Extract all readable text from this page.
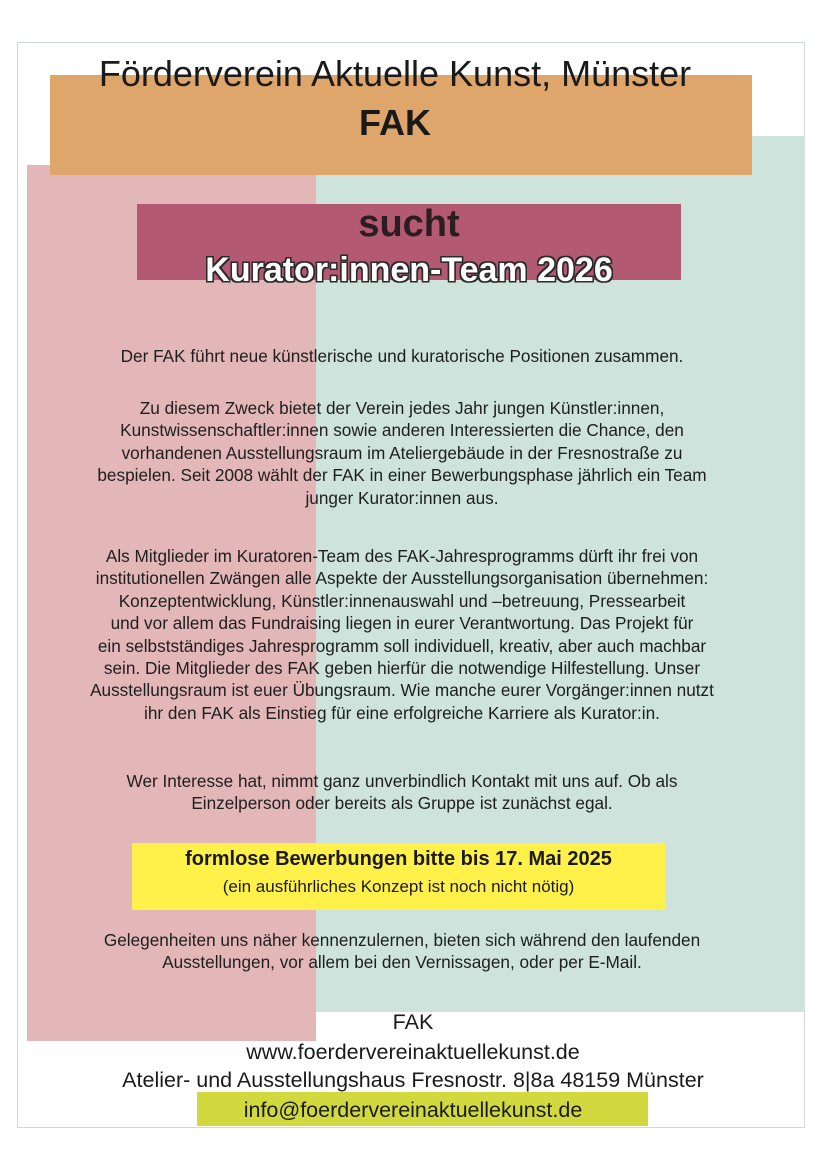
Förderverein Aktuelle Kunst, Münster
FAK
sucht
Kurator:innen-Team 2026
Der FAK führt neue künstlerische und kuratorische Positionen zusammen.
Zu diesem Zweck bietet der Verein jedes Jahr jungen Künstler:innen,
Kunstwissenschaftler:innen sowie anderen Interessierten die Chance, den
vorhandenen Ausstellungsraum im Ateliergebäude in der Fresnostraße zu
bespielen. Seit 2008 wählt der FAK in einer Bewerbungsphase jährlich ein Team
junger Kurator:innen aus.
Als Mitglieder im Kuratoren-Team des FAK-Jahresprogramms dürft ihr frei von
institutionellen Zwängen alle Aspekte der Ausstellungsorganisation übernehmen:
Konzeptentwicklung, Künstler:innenauswahl und –betreuung, Pressearbeit
und vor allem das Fundraising liegen in eurer Verantwortung. Das Projekt für
ein selbstständiges Jahresprogramm soll individuell, kreativ, aber auch machbar
sein. Die Mitglieder des FAK geben hierfür die notwendige Hilfestellung. Unser
Ausstellungsraum ist euer Übungsraum. Wie manche eurer Vorgänger:innen nutzt
ihr den FAK als Einstieg für eine erfolgreiche Karriere als Kurator:in.
Wer Interesse hat, nimmt ganz unverbindlich Kontakt mit uns auf. Ob als
Einzelperson oder bereits als Gruppe ist zunächst egal.
formlose Bewerbungen bitte bis 17. Mai 2025
(ein ausführliches Konzept ist noch nicht nötig)
Gelegenheiten uns näher kennenzulernen, bieten sich während den laufenden
Ausstellungen, vor allem bei den Vernissagen, oder per E-Mail.
FAK
www.foerdervereinaktuellekunst.de
Atelier- und Ausstellungshaus Fresnostr. 8|8a 48159 Münster
info@foerdervereinaktuellekunst.de
